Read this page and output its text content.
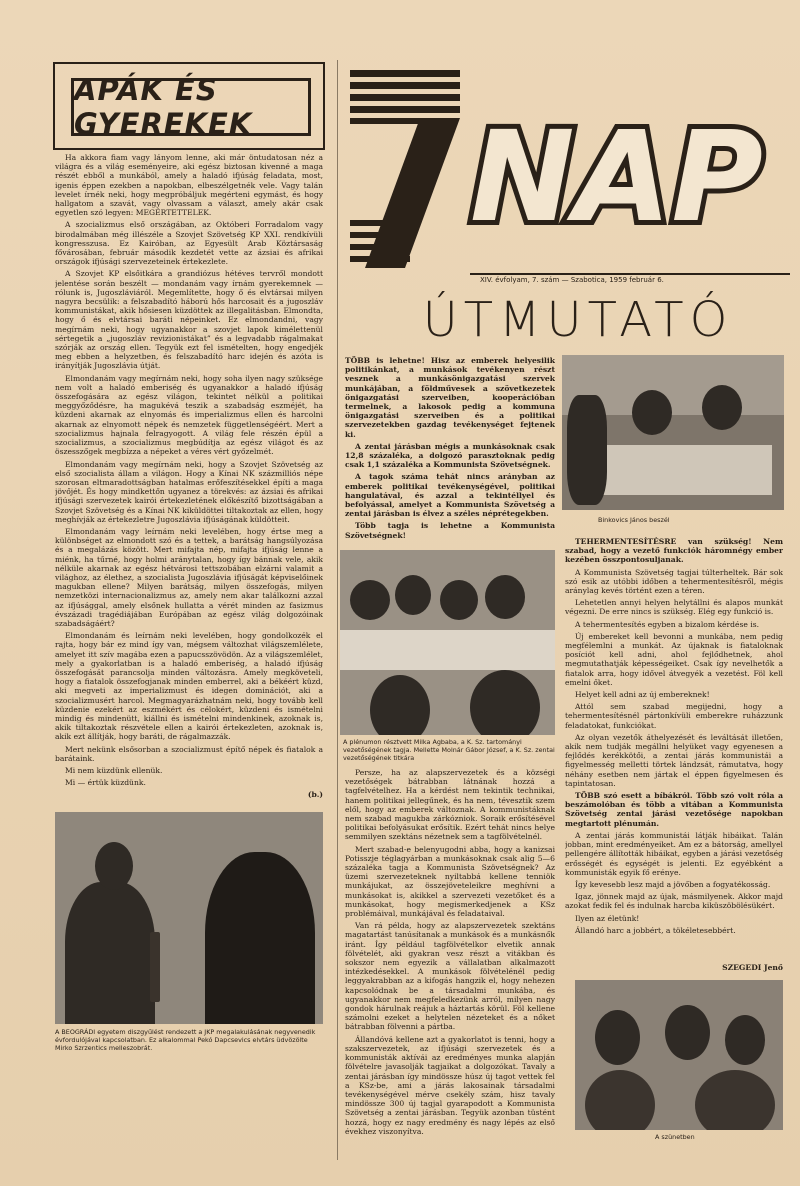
APÁK ÉS GYEREKEK

Ha akkora fiam vagy lányom lenne, aki már öntudatosan néz a világra és a világ eseményeire, aki egész biztosan kivenné a maga részét ebből a munkából, amely a haladó ifjúság feladata, most, igenis éppen ezekben a napokban, elbeszélgetnék vele. Vagy talán levelet írnék neki, hogy megpróbáljuk megérteni egymást, és hogy hallgatom a szavát, vagy olvassam a választ, amely akár csak egyetlen szó legyen: MEGÉRTETTELEK.

A szocializmus első országában, az Októberi Forradalom vagy birodalmában még illészéle a Szovjet Szövetség KP XXI. rendkívüli kongresszusa. Ez Kairóban, az Egyesült Arab Köztársaság fővárosában, február második kezdetét vette az ázsiai és afrikai országok ifjúsági szervezeteinek értekezlete.

A Szovjet KP elsőitkára a grandiózus hétéves tervről mondott jelentése során beszélt — mondanám vagy írnám gyerekemnek — rólunk is, Jugoszláviáról. Megemlítette, hogy ő és elvtársai milyen nagyra becsülik: a felszabadító háború hős harcosait és a jugoszláv kommunistákat, akik hősiesen küzdöttek az illegalitásban. Elmondta, hogy ő és elvtársai baráti népeinket. Ez elmondandni, vagy megírnám neki, hogy ugyanakkor a szovjet lapok kimélettenül sértegetik a „jugoszláv revizionistákat” és a legvadabb rágalmakat szórják az ország ellen. Tegyük ezt fel ismételten, hogy engedjék meg ebben a helyzetben, és felszabadító harc idején és azóta is irányítják Jugoszlávia útját.

Elmondanám vagy megírnám neki, hogy soha ilyen nagy szüksége nem volt a haladó emberiség és ugyanakkor a haladó ifjúság összefogására az egész világon, tekintet nélkül a politikai meggyőződésre, ha magukévá teszik a szabadság eszméjét, ha küzdeni akarnak az elnyomás és imperializmus ellen és harcolni akarnak az elnyomott népek és nemzetek függetlenségéért. Mert a szocializmus hajnala felragyogott. A világ fele részén épül a szocializmus, a szocializmus megbúdítja az egész világot és az öszesszőgek megbízza a népeket a véres vért győzelmét.

Elmondanám vagy megírnám neki, hogy a Szovjet Szövetség az első szocialista állam a világon. Hogy a Kínai NK százmilliós népe szorosan eltmaradottságban hatalmas erőfeszítésekkel építi a maga jövőjét. És hogy mindkettőn ugyanez a törekvés: az ázsiai és afrikai ifjúsági szervezetek kairói értekezletének előkészítő bizottságában a Szovjet Szövetség és a Kínai NK kiküldöttei tiltakoztak az ellen, hogy meghívják az értekezletre Jugoszlávia ifjúságának küldötteit.

Elmondanám vagy leírnám neki levelében, hogy értse meg a különbséget az elmondott szó és a tettek, a barátság hangsúlyozása és a megalázás között. Mert mifajta nép, mifajta ifjúság lenne a miénk, ha tűrné, hogy holmi aránytalan, hogy így bánnak vele, akik nélküle akarnak az egész hétvárosi tettszobában elzárni valamit a világhoz, az élethez, a szocialista Jugoszlávia ifjúságát képviselőinek magukban ellene? Milyen barátság, milyen összefogás, milyen nemzetközi internacionalizmus az, amely nem akar találkozni azzal az ifjúsággal, amely elsőnek hullatta a vérét minden az fasizmus évszázadi tragédiájában Európában az egész világ dolgozóinak szabadságáért?

Elmondanám és leírnám neki levelében, hogy gondolkozék el rajta, hogy bár ez mind így van, mégsem változhat világszemlélete, amelyet itt szív magába ezen a papucsszövödön. Az a világszemlélet, mely a gyakorlatban is a haladó emberiség, a haladó ifjúság összefogását parancsolja minden változásra. Amely megköveteli, hogy a fiatalok összefogjanak minden emberrel, aki a békéért küzd, aki megveti az imperializmust és idegen dominációt, aki a szocializmusért harcol. Megmagyarázhatnám neki, hogy tovább kell küzdenie ezekért az eszmékért és célokért, küzdeni és ismételni mindig és mindenütt, kiállni és ismételni mindenkinek, azoknak is, akik tiltakoztak részvétele ellen a kairói értekezleten, azoknak is, akik ezt állítják, hogy baráti, de rágalmazzák.

Mert nekünk elsősorban a szocializmust építő népek és fiatalok a barátaink.

Mi nem küzdünk ellenük.

Mi — értük küzdünk.

(b.)
A BEOGRÁDI egyetem diszgyűlést rendezett a JKP megalakulásának negyvenedik évfordulójával kapcsolatban. Ez alkalommal Pekó Dapcsevics elvtárs üdvözölte Mirko Szrzentics melleszobrát.
NAP
XIV. évfolyam, 7. szám — Szabotica, 1959 február 6.
ÚTMUTATÓ

TÖBB is lehetne! Hisz az emberek helyesilik politikánkat, a munkások tevékenyen részt vesznek a munkásönigazgatási szervek munkájában, a földművesek a szövetkezetek önigazgatási szerveiben, kooperációban termelnek, a lakosok pedig a kommuna önigazgatási szerveiben és a politikai szervezetekben gazdag tevékenységet fejtenek ki.

A zentai járásban mégis a munkásoknak csak 12,8 százaléka, a dolgozó parasztoknak pedig csak 1,1 százaléka a Kommunista Szövetségnek.

A tagok száma tehát nincs arányban az emberek politikai tevékenységével, politikai hangulatával, és azzal a tekintéllyel és befolyással, amelyet a Kommunista Szövetség a zentai járásban is élvez a széles néprétegekben.

Több tagja is lehetne a Kommunista Szövetségnek!

A plénumon résztvett Milka Agbaba, a K. Sz. tartományi vezetőségének tagja. Mellette Molnár Gábor József, a K. Sz. zentai vezetőségének titkára

Persze, ha az alapszervezetek és a községi vezetőségek bátrabban látnának hozzá a tagfelvételhez. Ha a kérdést nem tekintik technikai, hanem politikai jellegűnek, és ha nem, tévesztik szem elől, hogy az emberek változnak. A kommunistáknak nem szabad magukba zárkózniok. Soraik erősítésével politikai befolyásukat erősítik. Ezért tehát nincs helye semmilyen szektáns nézetnek sem a tagfölvételnél.

Mert szabad-e belenyugodni abba, hogy a kanizsai Potisszje téglagyárban a munkásoknak csak alig 5—6 százaléka tagja a Kommunista Szövetségnek? Az üzemi szervezeteknek nyiltabbá kellene tenniök munkájukat, az összejöveteleikre meghívni a munkásokat is, akikkel a szervezeti vezetőket és a munkásokat, hogy megismerkedjenek a KSz problémáival, munkájával és feladataival.

Van rá példa, hogy az alapszervezetek szektáns magatartást tanúsítanak a munkások és a munkásnők iránt. Így például tagfölvételkor elvetik annak fölvételét, aki gyakran vesz részt a vitákban és sokszor nem egyezik a vállalatban alkalmazott intézkedésekkel. A munkások fölvételénél pedig leggyakrabban az a kifogás hangzik el, hogy nehezen kapcsolódnak be a társadalmi munkába, és ugyanakkor nem megfeledkezünk arról, milyen nagy gondok hárulnak reájuk a háztartás körül. Föl kellene számolni ezeket a helytelen nézeteket és a nőket bátrabban fölvenni a pártba.

Állandóvá kellene azt a gyakorlatot is tenni, hogy a szakszervezetek, az ifjúsági szervezetek és a kommunisták aktívái az eredményes munka alapján fölvételre javasolják tagjaikat a dolgozókat. Tavaly a zentai járásban így mindössze húsz új tagot vettek fel a KSz-be, ami a járás lakosainak társadalmi tevékenységével mérve csekély szám, hisz tavaly mindössze 300 új tagjal gyarapodott a Kommunista Szövetség a zentai járásban. Tegyük azonban tüstént hozzá, hogy ez nagy eredmény és nagy lépés az első évekhez viszonyítva.

Binkovics János beszél

TEHERMENTESÍTÉSRE van szükség! Nem szabad, hogy a vezető funkciók háromnégy ember kezében összpontosuljanak.

A Kommunista Szövetség tagjai túlterheltek. Bár sok szó esik az utóbbi időben a tehermentesítésről, mégis aránylag kevés történt ezen a téren.

Lehetetlen annyi helyen helytállni és alapos munkát végezni. De erre nincs is szükség. Elég egy funkció is.

A tehermentesítés egyben a bizalom kérdése is.

Új embereket kell bevonni a munkába, nem pedig megfélemlni a munkát. Az újaknak is fiataloknak posíciót kell adni, ahol fejlődhetnek, ahol megmutathatják képességeiket. Csak így nevelhetők a fiatalok arra, hogy idővel átvegyék a vezetést. Föl kell emelni őket.

Helyet kell adni az új embereknek!

Attól sem szabad megijedni, hogy a tehermentesítésnél pártonkívüli emberekre ruházzunk feladatokat, funkciókat.

Az olyan vezetők áthelyezését és leváltását illetően, akik nem tudják megállni helyüket vagy egyenesen a fejlődés kerékkötői, a zentai járás kommunistái a figyelmesség melletti törtek lándzsát, rámutatva, hogy néhány esetben nem jártak el éppen figyelmesen és tapintatosan.

TÖBB szó esett a bíbákról. Több szó volt róla a beszámolóban és több a vitában a Kommunista Szövetség zentai járási vezetősége napokban megtartott plénumán.

A zentai járás kommunistái látják hibáikat. Talán jobban, mint eredményeiket. Am ez a bátorság, amellyel pellengére állították hibáikat, egyben a járási vezetőség erősségét és egységét is jelenti. Ez egyébként a kommunisták egyik fő erénye.

Így kevesebb lesz majd a jövőben a fogyatékosság.

Igaz, jönnek majd az újak, másmilyenek. Akkor majd azokat fedik fel és indulnak harcba kiküszöbölésükért.

Ilyen az életünk!

Állandó harc a jobbért, a tökéletesebbért.

SZEGEDI Jenő
A szünetben
